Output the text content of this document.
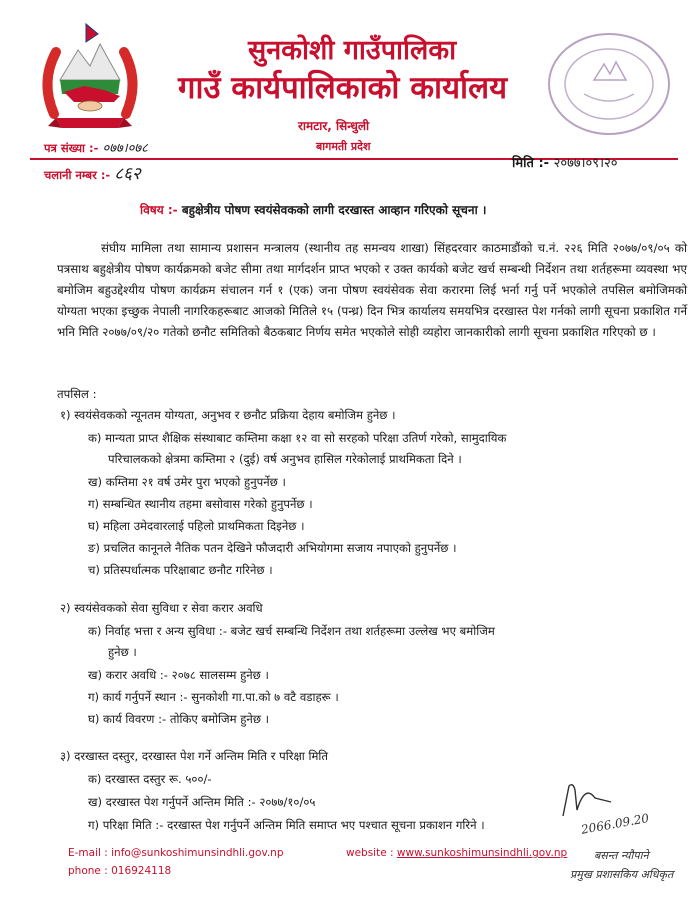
सुनकोशी गाउँपालिका
गाउँ कार्यपालिकाको कार्यालय
रामटार, सिन्धुली
बागमती प्रदेश
पत्र संख्या :- ०७७।०७८
चलानी नम्बर :- ८६२
मिति :- २०७७।०९।२०
विषय :- बहुक्षेत्रीय पोषण स्वयंसेवकको लागी दरखास्त आव्हान गरिएको सूचना ।

संघीय मामिला तथा सामान्य प्रशासन मन्त्रालय (स्थानीय तह समन्वय शाखा) सिंहदरवार काठमाडौंको च.नं. २२६ मिति २०७७/०९/०५ को पत्रसाथ बहुक्षेत्रीय पोषण कार्यक्रमको बजेट सीमा तथा मार्गदर्शन प्राप्त भएको र उक्त कार्यको बजेट खर्च सम्बन्धी निर्देशन तथा शर्तहरूमा व्यवस्था भए बमोजिम बहुउद्देश्यीय पोषण कार्यक्रम संचालन गर्न १ (एक) जना पोषण स्वयंसेवक सेवा करारमा लिई भर्ना गर्नु पर्ने भएकोले तपसिल बमोजिमको योग्यता भएका इच्छुक नेपाली नागरिकहरूबाट आजको मितिले १५ (पन्ध्र) दिन भित्र कार्यालय समयभित्र दरखास्त पेश गर्नको लागी सूचना प्रकाशित गर्ने भनि मिति २०७७/०९/२० गतेको छनौट समितिको बैठकबाट निर्णय समेत भएकोले सोही व्यहोरा जानकारीको लागी सूचना प्रकाशित गरिएको छ ।

तपसिल :
१) स्वयंसेवकको न्यूनतम योग्यता, अनुभव र छनौट प्रक्रिया देहाय बमोजिम हुनेछ ।
क) मान्यता प्राप्त शैक्षिक संस्थाबाट कम्तिमा कक्षा १२ वा सो सरहको परिक्षा उतिर्ण गरेको, सामुदायिक
परिचालकको क्षेत्रमा कम्तिमा २ (दुई) वर्ष अनुभव हासिल गरेकोलाई प्राथमिकता दिने ।
ख) कम्तिमा २१ वर्ष उमेर पुरा भएको हुनुपर्नेछ ।
ग) सम्बन्धित स्थानीय तहमा बसोवास गरेको हुनुपर्नेछ ।
घ) महिला उमेदवारलाई पहिलो प्राथमिकता दिइनेछ ।
ङ) प्रचलित कानूनले नैतिक पतन देखिने फौजदारी अभियोगमा सजाय नपाएको हुनुपर्नेछ ।
च) प्रतिस्पर्धात्मक परिक्षाबाट छनौट गरिनेछ ।
२) स्वयंसेवकको सेवा सुविधा र सेवा करार अवधि
क) निर्वाह भत्ता र अन्य सुविधा :- बजेट खर्च सम्बन्धि निर्देशन तथा शर्तहरूमा उल्लेख भए बमोजिम
हुनेछ ।
ख) करार अवधि :- २०७८ सालसम्म हुनेछ ।
ग) कार्य गर्नुपर्ने स्थान :- सुनकोशी गा.पा.को ७ वटै वडाहरू ।
घ) कार्य विवरण :- तोकिए बमोजिम हुनेछ ।
३) दरखास्त दस्तुर, दरखास्त पेश गर्ने अन्तिम मिति र परिक्षा मिति
क) दरखास्त दस्तुर रू. ५००/-
ख) दरखास्त पेश गर्नुपर्ने अन्तिम मिति :- २०७७/१०/०५
ग) परिक्षा मिति :- दरखास्त पेश गर्नुपर्ने अन्तिम मिति समाप्त भए पश्चात सूचना प्रकाशन गरिने ।	2066.09.20
बसन्त न्यौपाने
प्रमुख प्रशासकिय अधिकृत
E-mail : info@sunkoshimunsindhli.gov.np
phone : 016924118
website : www.sunkoshimunsindhli.gov.np
